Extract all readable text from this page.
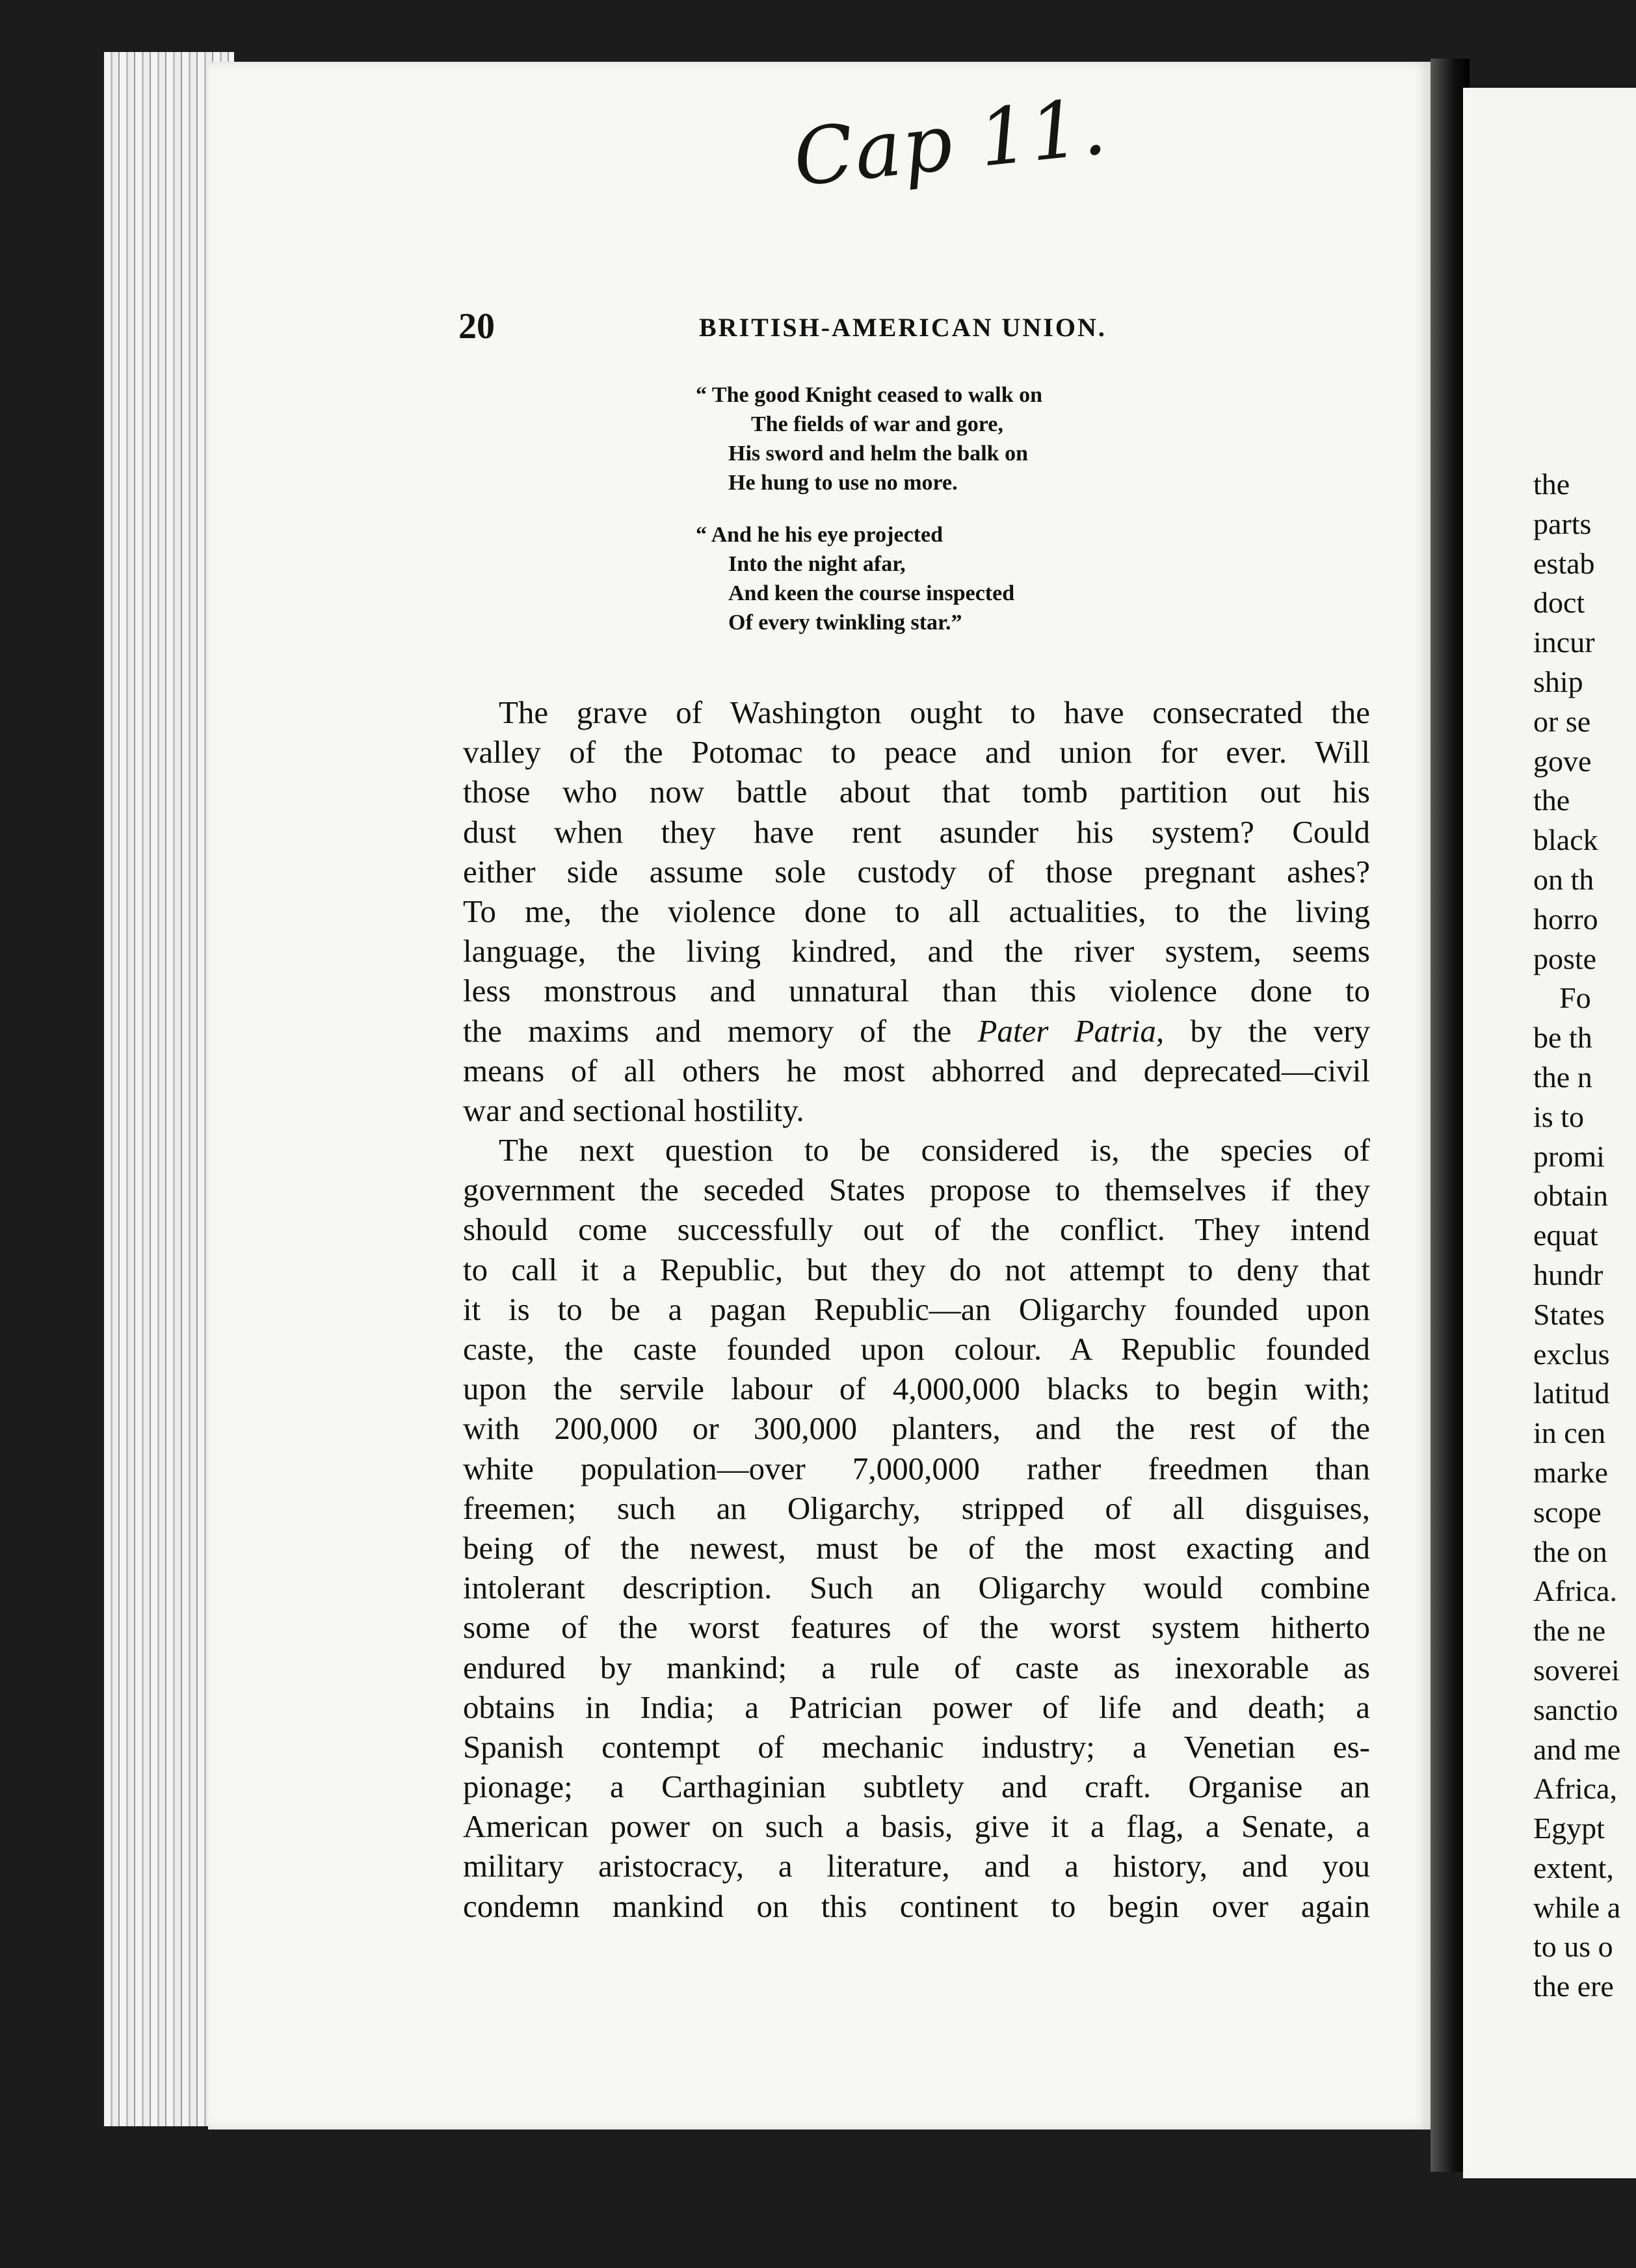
Cap 11.
20	BRITISH-AMERICAN UNION.
“ The good Knight ceased to walk on
The fields of war and gore,
His sword and helm the balk on
He hung to use no more.
“ And he his eye projected
Into the night afar,
And keen the course inspected
Of every twinkling star.”
The grave of Washington ought to have consecrated the
valley of the Potomac to peace and union for ever. Will
those who now battle about that tomb partition out his
dust when they have rent asunder his system? Could
either side assume sole custody of those pregnant ashes?
To me, the violence done to all actualities, to the living
language, the living kindred, and the river system, seems
less monstrous and unnatural than this violence done to
the maxims and memory of the Pater Patria, by the very
means of all others he most abhorred and deprecated—civil
war and sectional hostility.
The next question to be considered is, the species of
government the seceded States propose to themselves if they
should come successfully out of the conflict. They intend
to call it a Republic, but they do not attempt to deny that
it is to be a pagan Republic—an Oligarchy founded upon
caste, the caste founded upon colour. A Republic founded
upon the servile labour of 4,000,000 blacks to begin with;
with 200,000 or 300,000 planters, and the rest of the
white population—over 7,000,000 rather freedmen than
freemen; such an Oligarchy, stripped of all disguises,
being of the newest, must be of the most exacting and
intolerant description. Such an Oligarchy would combine
some of the worst features of the worst system hitherto
endured by mankind; a rule of caste as inexorable as
obtains in India; a Patrician power of life and death; a
Spanish contempt of mechanic industry; a Venetian es-
pionage; a Carthaginian subtlety and craft. Organise an
American power on such a basis, give it a flag, a Senate, a
military aristocracy, a literature, and a history, and you
condemn mankind on this continent to begin over again
the
parts
estab
doct
incur
ship
or se
gove
the
black
on th
horro
poste
Fo
be th
the n
is to
promi
obtain
equat
hundr
States
exclus
latitud
in cen
marke
scope
the on
Africa.
the ne
soverei
sanctio
and me
Africa,
Egypt
extent,
while a
to us o
the ere
